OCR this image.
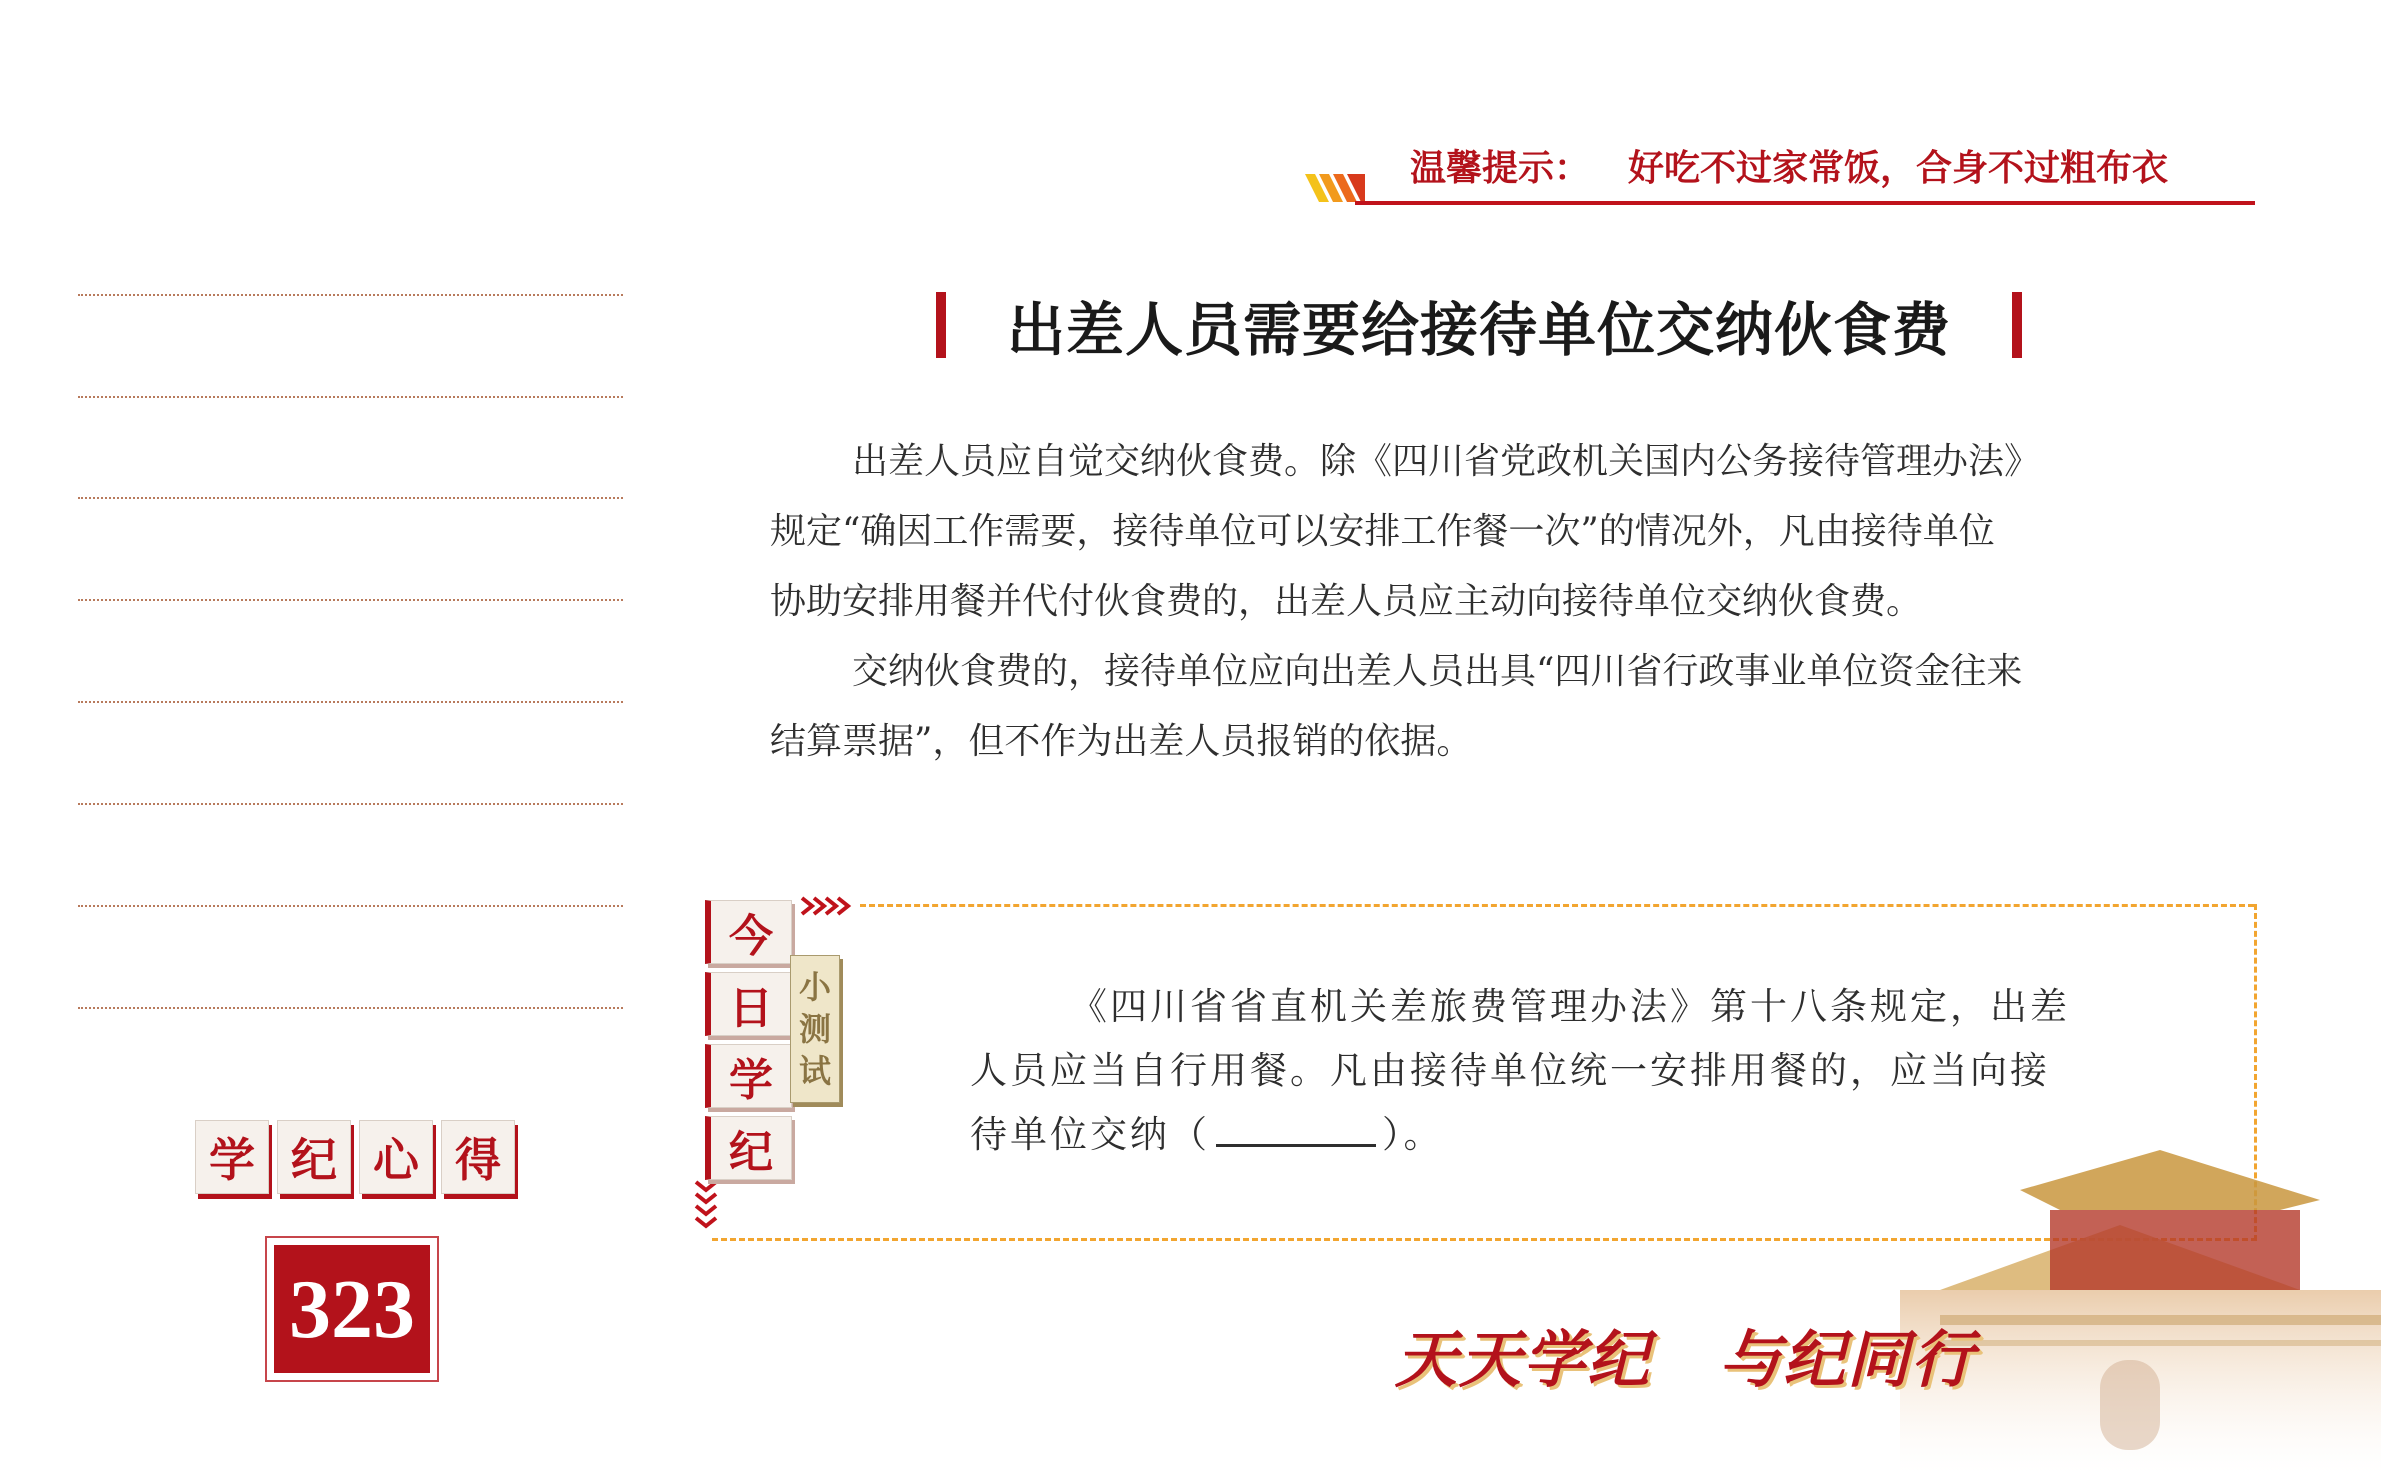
温馨提示： 好吃不过家常饭，合身不过粗布衣
学 纪 心 得
323
出差人员需要给接待单位交纳伙食费

出差人员应自觉交纳伙食费。除《四川省党政机关国内公务接待管理办法》
规定“确因工作需要，接待单位可以安排工作餐一次”的情况外，凡由接待单位
协助安排用餐并代付伙食费的，出差人员应主动向接待单位交纳伙食费。

交纳伙食费的，接待单位应向出差人员出具“四川省行政事业单位资金往来
结算票据”，但不作为出差人员报销的依据。

今
日
学
纪
小
测
试

《四川省省直机关差旅费管理办法》第十八条规定，出差
人员应当自行用餐。凡由接待单位统一安排用餐的，应当向接
待单位交纳（	）。

天天学纪 与纪同行
